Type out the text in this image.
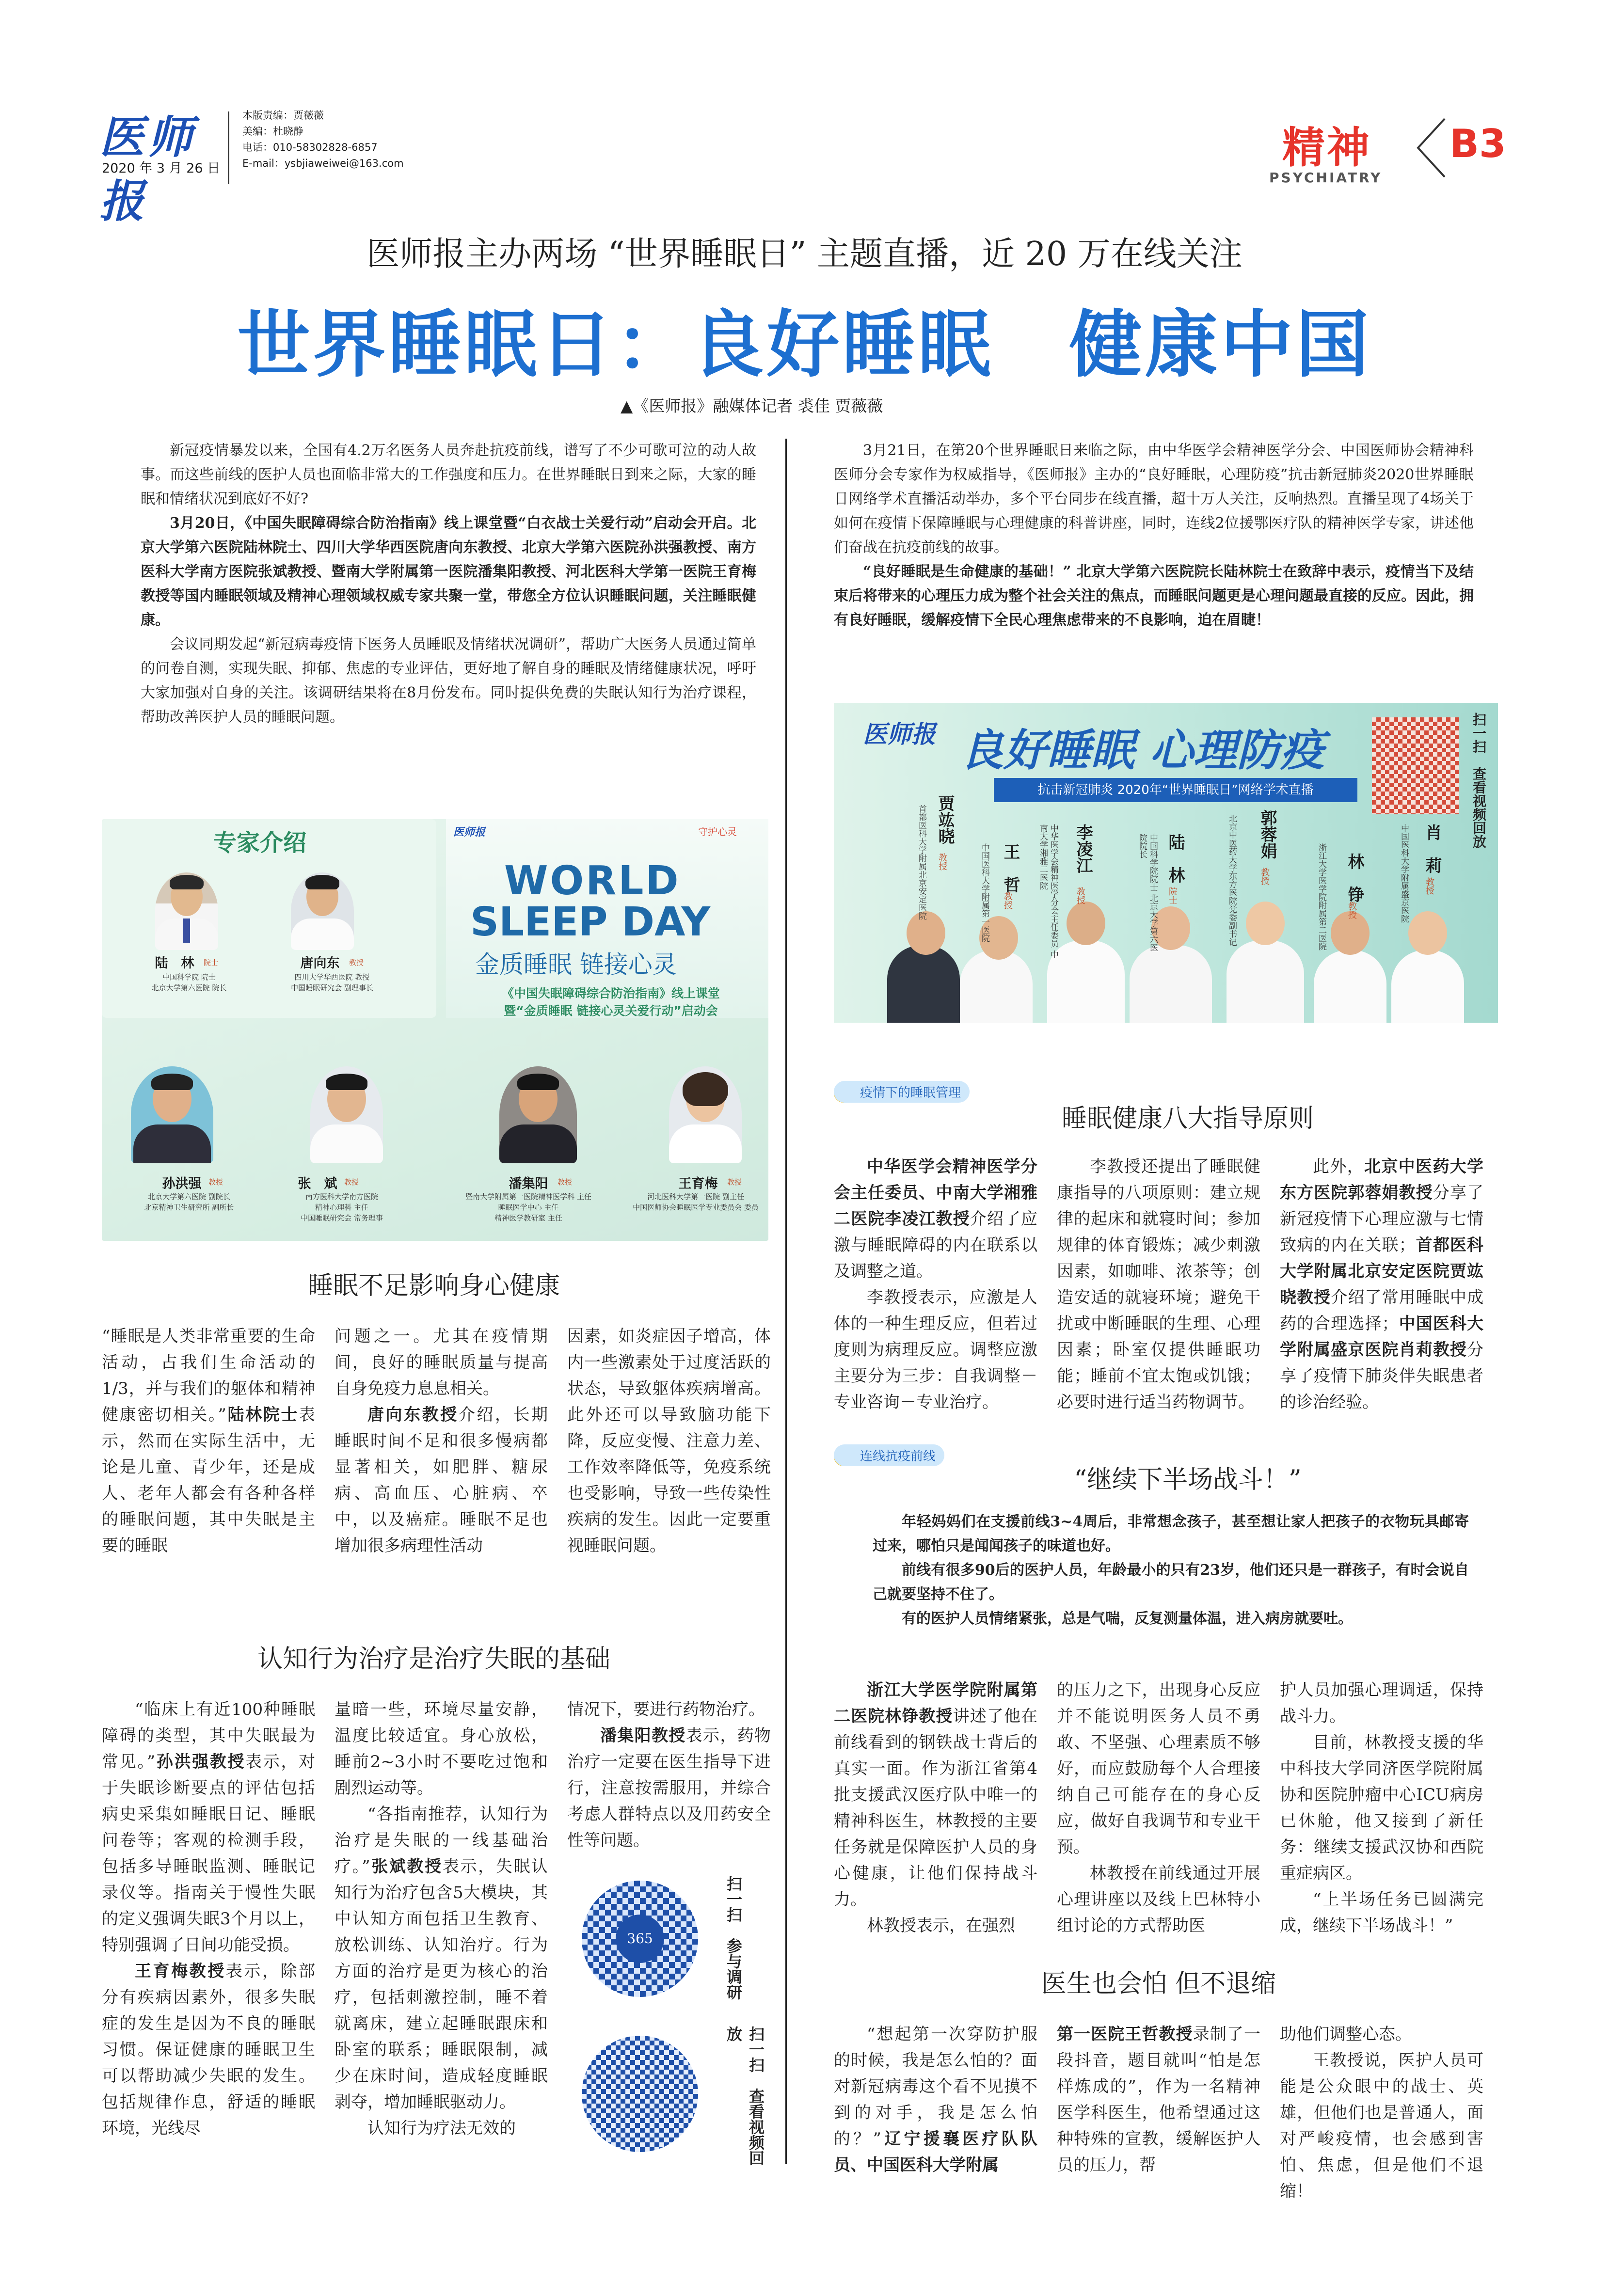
医师报
2020 年 3 月 26 日
本版责编：贾薇薇
美编：杜晓静
电话：010-58302828-6857
E-mail：ysbjiaweiwei@163.com	精神
PSYCHIATRY
B3
医师报主办两场 “世界睡眠日” 主题直播，近 20 万在线关注
世界睡眠日：良好睡眠　健康中国
▲《医师报》融媒体记者 裘佳 贾薇薇

新冠疫情暴发以来，全国有4.2万名医务人员奔赴抗疫前线，谱写了不少可歌可泣的动人故事。而这些前线的医护人员也面临非常大的工作强度和压力。在世界睡眠日到来之际，大家的睡眠和情绪状况到底好不好?

3月20日，《中国失眠障碍综合防治指南》线上课堂暨“白衣战士关爱行动”启动会开启。北京大学第六医院陆林院士、四川大学华西医院唐向东教授、北京大学第六医院孙洪强教授、南方医科大学南方医院张斌教授、暨南大学附属第一医院潘集阳教授、河北医科大学第一医院王育梅教授等国内睡眠领域及精神心理领域权威专家共聚一堂，带您全方位认识睡眠问题，关注睡眠健康。

会议同期发起“新冠病毒疫情下医务人员睡眠及情绪状况调研”，帮助广大医务人员通过简单的问卷自测，实现失眠、抑郁、焦虑的专业评估，更好地了解自身的睡眠及情绪健康状况，呼吁大家加强对自身的关注。该调研结果将在8月份发布。同时提供免费的失眠认知行为治疗课程，帮助改善医护人员的睡眠问题。

3月21日，在第20个世界睡眠日来临之际，由中华医学会精神医学分会、中国医师协会精神科医师分会专家作为权威指导，《医师报》主办的“良好睡眠，心理防疫”抗击新冠肺炎2020世界睡眠日网络学术直播活动举办，多个平台同步在线直播，超十万人关注，反响热烈。直播呈现了4场关于如何在疫情下保障睡眠与心理健康的科普讲座，同时，连线2位援鄂医疗队的精神医学专家，讲述他们奋战在抗疫前线的故事。

“良好睡眠是生命健康的基础！” 北京大学第六医院院长陆林院士在致辞中表示，疫情当下及结束后将带来的心理压力成为整个社会关注的焦点，而睡眠问题更是心理问题最直接的反应。因此，拥有良好睡眠，缓解疫情下全民心理焦虑带来的不良影响，迫在眉睫！

专家介绍
陆　林	院士
中国科学院 院士
北京大学第六医院 院长
唐向东	教授
四川大学华西医院 教授
中国睡眠研究会 副理事长
医师报	守护心灵
WORLD
SLEEP DAY
金质睡眠 链接心灵
《中国失眠障碍综合防治指南》线上课堂
暨“金质睡眠 链接心灵关爱行动”启动会
孙洪强 教授
北京大学第六医院 副院长
北京精神卫生研究所 副所长
张　斌 教授
南方医科大学南方医院
精神心理科 主任
中国睡眠研究会 常务理事
潘集阳	教授
暨南大学附属第一医院精神医学科 主任
睡眠医学中心 主任
精神医学教研室 主任
王育梅	教授
河北医科大学第一医院 副主任
中国医师协会睡眠医学专业委员会 委员
睡眠不足影响身心健康
“睡眠是人类非常重要的生命活动，占我们生命活动的1/3，并与我们的躯体和精神健康密切相关。”陆林院士表示，然而在实际生活中，无论是儿童、青少年，还是成人、老年人都会有各种各样的睡眠问题，其中失眠是主要的睡眠

问题之一。尤其在疫情期间，良好的睡眠质量与提高自身免疫力息息相关。

唐向东教授介绍，长期睡眠时间不足和很多慢病都显著相关，如肥胖、糖尿病、高血压、心脏病、卒中，以及癌症。睡眠不足也增加很多病理性活动

因素，如炎症因子增高，体内一些激素处于过度活跃的状态，导致躯体疾病增高。此外还可以导致脑功能下降，反应变慢、注意力差、工作效率降低等，免疫系统也受影响，导致一些传染性疾病的发生。因此一定要重视睡眠问题。

认知行为治疗是治疗失眠的基础

“临床上有近100种睡眠障碍的类型，其中失眠最为常见。”孙洪强教授表示，对于失眠诊断要点的评估包括病史采集如睡眠日记、睡眠问卷等；客观的检测手段，包括多导睡眠监测、睡眠记录仪等。指南关于慢性失眠的定义强调失眠3个月以上，特别强调了日间功能受损。

王育梅教授表示，除部分有疾病因素外，很多失眠症的发生是因为不良的睡眠习惯。保证健康的睡眠卫生可以帮助减少失眠的发生。包括规律作息，舒适的睡眠环境，光线尽

量暗一些，环境尽量安静，温度比较适宜。身心放松，睡前2~3小时不要吃过饱和剧烈运动等。

“各指南推荐，认知行为治疗是失眠的一线基础治疗。”张斌教授表示，失眠认知行为治疗包含5大模块，其中认知方面包括卫生教育、放松训练、认知治疗。行为方面的治疗是更为核心的治疗，包括刺激控制，睡不着就离床，建立起睡眠跟床和卧室的联系；睡眠限制，减少在床时间，造成轻度睡眠剥夺，增加睡眠驱动力。

认知行为疗法无效的

情况下，要进行药物治疗。

潘集阳教授表示，药物治疗一定要在医生指导下进行，注意按需服用，并综合考虑人群特点以及用药安全性等问题。

365	扫一扫　参与调研
扫一扫　查看视频回放
医师报 良好睡眠 心理防疫
抗击新冠肺炎 2020年“世界睡眠日”网络学术直播	扫一扫　查看视频回放
贾竑晓
教授
首都医科大学附属北京安定医院	王　哲
教授
中国医科大学附属第一医院	李凌江
教授
中华医学会精神医学分会主任委员 中南大学湘雅二医院	陆　林
院士
中国科学院院士 北京大学第六医院院长	郭蓉娟
教授
北京中医药大学东方医院党委副书记	林　铮
教授
浙江大学医学院附属第二医院	肖　莉
教授
中国医科大学附属盛京医院
疫情下的睡眠管理
睡眠健康八大指导原则

中华医学会精神医学分会主任委员、中南大学湘雅二医院李凌江教授介绍了应激与睡眠障碍的内在联系以及调整之道。

李教授表示，应激是人体的一种生理反应，但若过度则为病理反应。调整应激主要分为三步：自我调整－专业咨询－专业治疗。

李教授还提出了睡眠健康指导的八项原则：建立规律的起床和就寝时间；参加规律的体育锻炼；减少刺激因素，如咖啡、浓茶等；创造安适的就寝环境；避免干扰或中断睡眠的生理、心理因素；卧室仅提供睡眠功能；睡前不宜太饱或饥饿；必要时进行适当药物调节。

此外，北京中医药大学东方医院郭蓉娟教授分享了新冠疫情下心理应激与七情致病的内在关联；首都医科大学附属北京安定医院贾竑晓教授介绍了常用睡眠中成药的合理选择；中国医科大学附属盛京医院肖莉教授分享了疫情下肺炎伴失眠患者的诊治经验。

连线抗疫前线
“继续下半场战斗！”

年轻妈妈们在支援前线3~4周后，非常想念孩子，甚至想让家人把孩子的衣物玩具邮寄过来，哪怕只是闻闻孩子的味道也好。

前线有很多90后的医护人员，年龄最小的只有23岁，他们还只是一群孩子，有时会说自己就要坚持不住了。

有的医护人员情绪紧张，总是气喘，反复测量体温，进入病房就要吐。

浙江大学医学院附属第二医院林铮教授讲述了他在前线看到的钢铁战士背后的真实一面。作为浙江省第4批支援武汉医疗队中唯一的精神科医生，林教授的主要任务就是保障医护人员的身心健康，让他们保持战斗力。

林教授表示，在强烈

的压力之下，出现身心反应并不能说明医务人员不勇敢、不坚强、心理素质不够好，而应鼓励每个人合理接纳自己可能存在的身心反应，做好自我调节和专业干预。

林教授在前线通过开展心理讲座以及线上巴林特小组讨论的方式帮助医

护人员加强心理调适，保持战斗力。

目前，林教授支援的华中科技大学同济医学院附属协和医院肿瘤中心ICU病房已休舱，他又接到了新任务：继续支援武汉协和西院重症病区。

“上半场任务已圆满完成，继续下半场战斗！”

医生也会怕 但不退缩

“想起第一次穿防护服的时候，我是怎么怕的？面对新冠病毒这个看不见摸不到的对手，我是怎么怕的？”辽宁援襄医疗队队员、中国医科大学附属

第一医院王哲教授录制了一段抖音，题目就叫“怕是怎样炼成的”，作为一名精神医学科医生，他希望通过这种特殊的宣教，缓解医护人员的压力，帮

助他们调整心态。

王教授说，医护人员可能是公众眼中的战士、英雄，但他们也是普通人，面对严峻疫情，也会感到害怕、焦虑，但是他们不退缩！
